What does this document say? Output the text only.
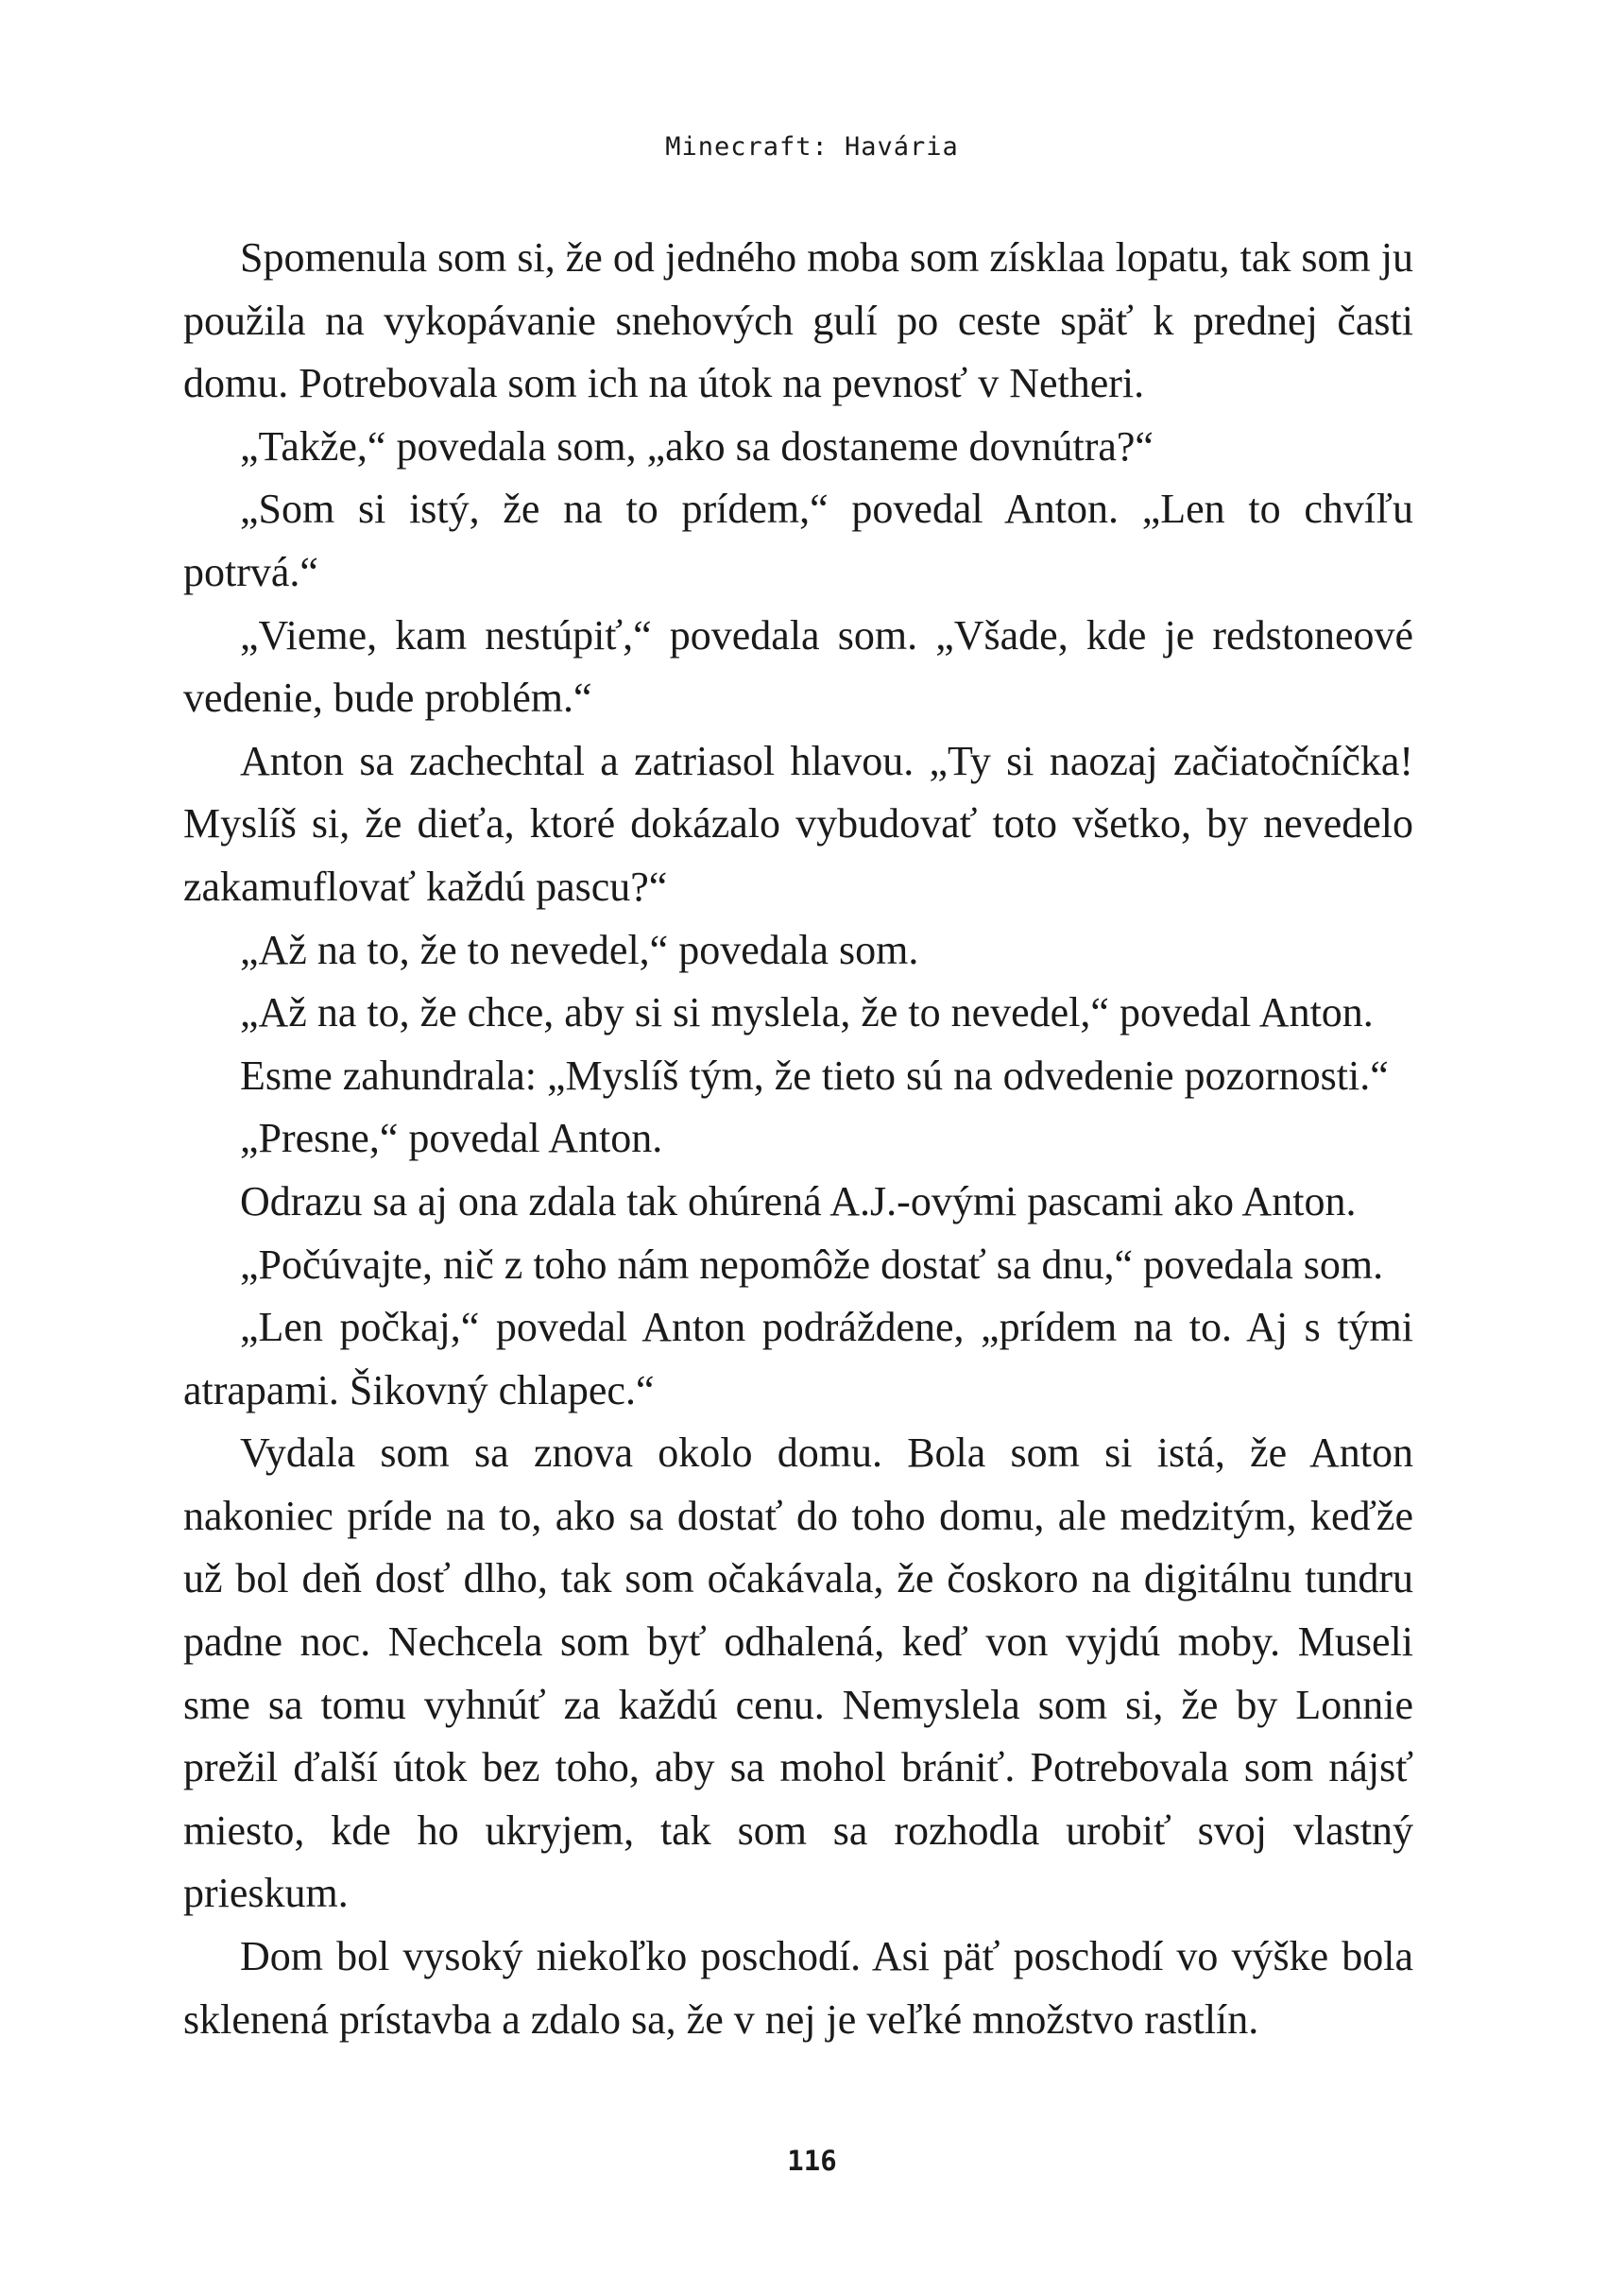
Minecraft: Havária

Spomenula som si, že od jedného moba som získlaa lopatu, tak som ju použila na vykopávanie snehových gulí po ceste späť k prednej časti domu. Potrebovala som ich na útok na pevnosť v Netheri.

„Takže,“ povedala som, „ako sa dostaneme dovnútra?“

„Som si istý, že na to prídem,“ povedal Anton. „Len to chvíľu potrvá.“

„Vieme, kam nestúpiť,“ povedala som. „Všade, kde je redstoneové vedenie, bude problém.“

Anton sa zachechtal a zatriasol hlavou. „Ty si naozaj začiatočníčka! Myslíš si, že dieťa, ktoré dokázalo vybudovať toto všetko, by nevedelo zakamuflovať každú pascu?“

„Až na to, že to nevedel,“ povedala som.

„Až na to, že chce, aby si si myslela, že to nevedel,“ povedal Anton.

Esme zahundrala: „Myslíš tým, že tieto sú na odvedenie pozornosti.“

„Presne,“ povedal Anton.

Odrazu sa aj ona zdala tak ohúrená A.J.-ovými pascami ako Anton.

„Počúvajte, nič z toho nám nepomôže dostať sa dnu,“ povedala som.

„Len počkaj,“ povedal Anton podráždene, „prídem na to. Aj s tými atrapami. Šikovný chlapec.“

Vydala som sa znova okolo domu. Bola som si istá, že Anton nakoniec príde na to, ako sa dostať do toho domu, ale medzitým, keďže už bol deň dosť dlho, tak som očakávala, že čoskoro na digitálnu tundru padne noc. Nechcela som byť odhalená, keď von vyjdú moby. Museli sme sa tomu vyhnúť za každú cenu. Nemyslela som si, že by Lonnie prežil ďalší útok bez toho, aby sa mohol brániť. Potrebovala som nájsť miesto, kde ho ukryjem, tak som sa rozhodla urobiť svoj vlastný prieskum.

Dom bol vysoký niekoľko poschodí. Asi päť poschodí vo výške bola sklenená prístavba a zdalo sa, že v nej je veľké množstvo rastlín.

116
